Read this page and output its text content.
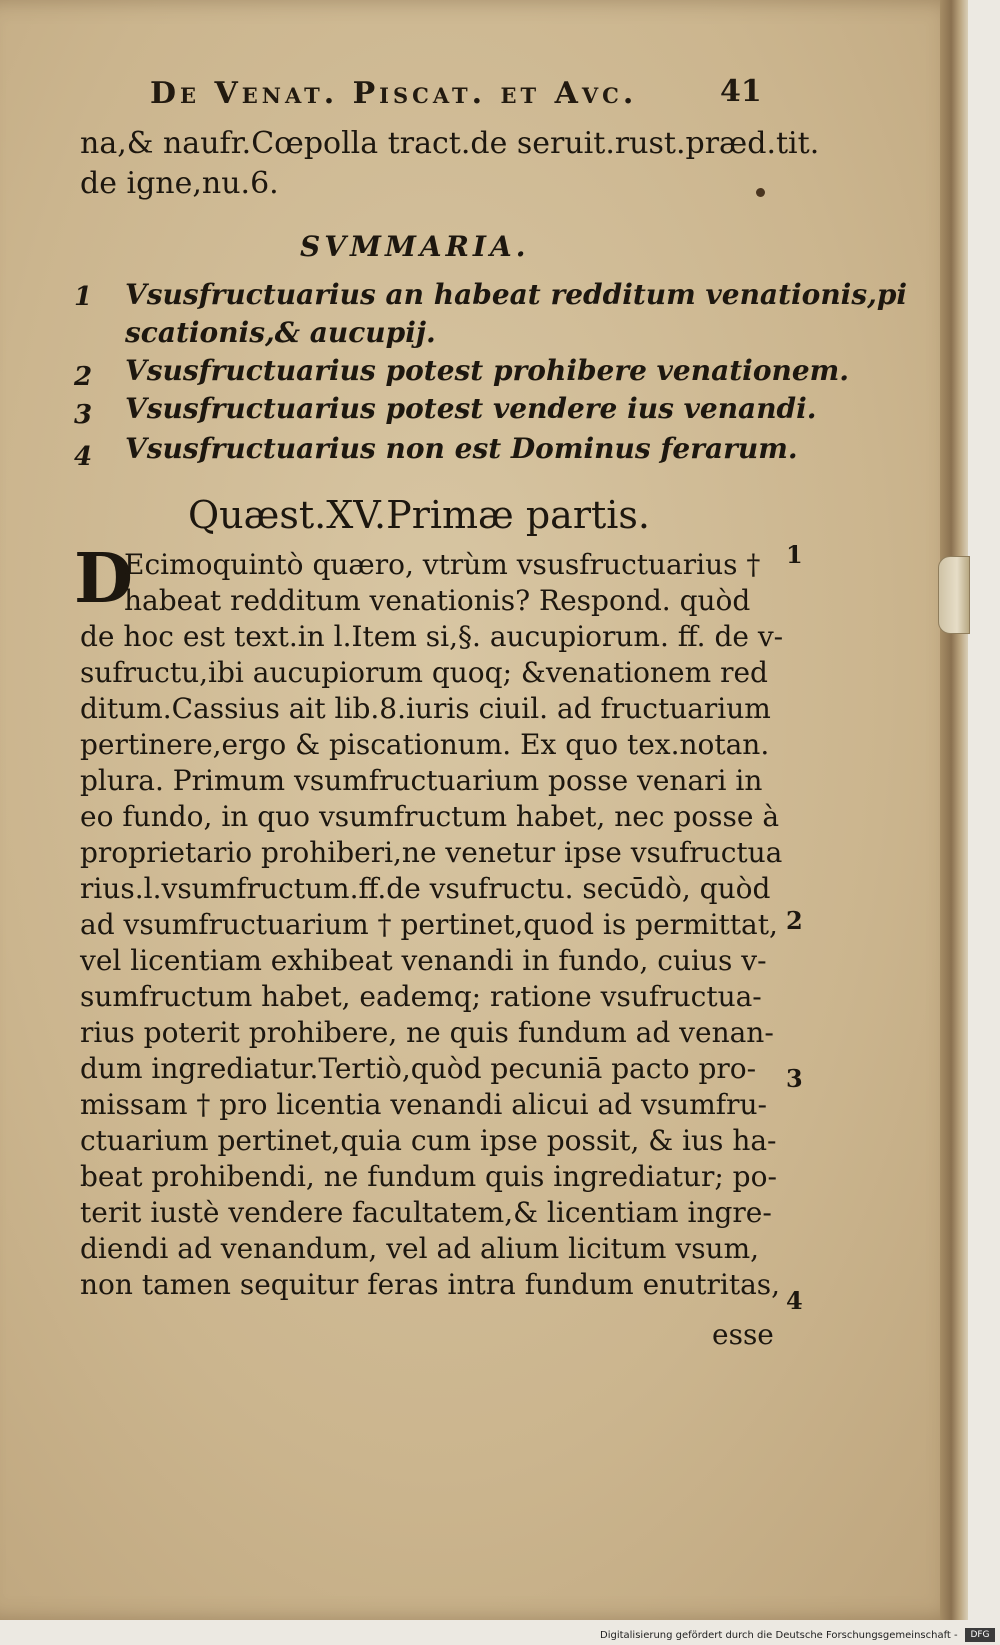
De Venat. Piscat. et Avc.	41
na,& naufr.Cœpolla tract.de seruit.rust.præd.tit.
de igne,nu.6.
SVMMARIA.
1 Vsusfructuarius an habeat redditum venationis,pi
scationis,& aucupij.
2 Vsusfructuarius potest prohibere venationem.
3 Vsusfructuarius potest vendere ius venandi.
4 Vsusfructuarius non est Dominus ferarum.
Quæst.XV.Primæ partis.
D
Ecimoquintò quæro, vtrùm vsusfructuarius †
habeat redditum venationis? Respond. quòd
de hoc est text.in l.Item si,§. aucupiorum. ff. de v-
sufructu,ibi aucupiorum quoq; &venationem red
ditum.Cassius ait lib.8.iuris ciuil. ad fructuarium
pertinere,ergo & piscationum. Ex quo tex.notan.
plura. Primum vsumfructuarium posse venari in
eo fundo, in quo vsumfructum habet, nec posse à
proprietario prohiberi,ne venetur ipse vsufructua
rius.l.vsumfructum.ff.de vsufructu. secūdò, quòd
ad vsumfructuarium † pertinet,quod is permittat,
vel licentiam exhibeat venandi in fundo, cuius v-
sumfructum habet, eademq; ratione vsufructua-
rius poterit prohibere, ne quis fundum ad venan-
dum ingrediatur.Tertiò,quòd pecuniā pacto pro-
missam † pro licentia venandi alicui ad vsumfru-
ctuarium pertinet,quia cum ipse possit, & ius ha-
beat prohibendi, ne fundum quis ingrediatur; po-
terit iustè vendere facultatem,& licentiam ingre-
diendi ad venandum, vel ad alium licitum vsum,
non tamen sequitur feras intra fundum enutritas,
esse
1
2
3
4
Digitalisierung gefördert durch die Deutsche Forschungsgemeinschaft -	DFG
